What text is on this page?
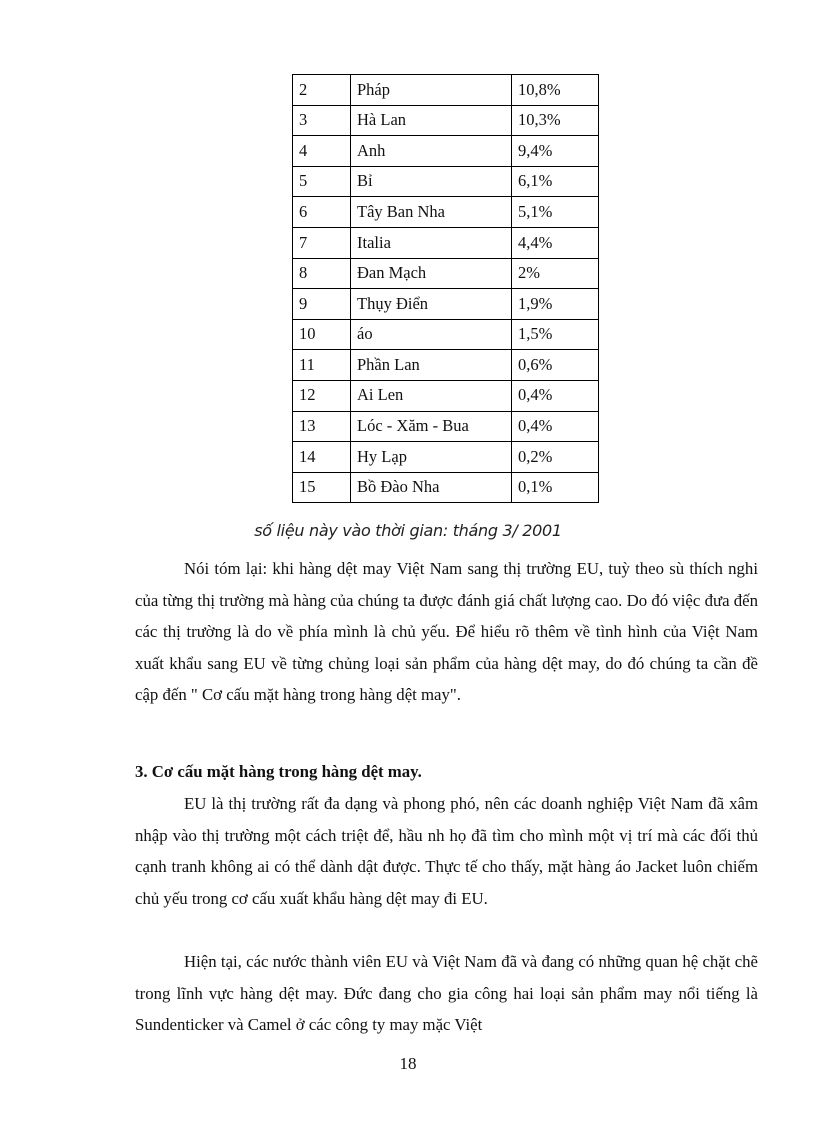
2	Pháp	10,8%
3	Hà Lan	10,3%
4	Anh	9,4%
5	Bỉ	6,1%
6	Tây Ban Nha	5,1%
7	Italia	4,4%
8	Đan Mạch	2%
9	Thụy Điển	1,9%
10	áo	1,5%
11	Phần Lan	0,6%
12	Ai Len	0,4%
13	Lóc - Xăm - Bua	0,4%
14	Hy Lạp	0,2%
15	Bồ Đào Nha	0,1%
số liệu này vào thời gian: tháng 3/ 2001

Nói tóm lại: khi hàng dệt may Việt Nam sang thị trường EU, tuỳ theo sù thích nghi của từng thị trường mà hàng của chúng ta được đánh giá chất lượng cao. Do đó việc đưa đến các thị trường là do về phía mình là chủ yếu. Để hiểu rõ thêm về tình hình của Việt Nam xuất khẩu sang EU về từng chủng loại sản phẩm của hàng dệt may, do đó chúng ta cần đề cập đến " Cơ cấu mặt hàng trong hàng dệt may".

3. Cơ cấu mặt hàng trong hàng dệt may.

EU là thị trường rất đa dạng và phong phó, nên các doanh nghiệp Việt Nam đã xâm nhập vào thị trường một cách triệt để, hầu nh họ đã tìm cho mình một vị trí mà các đối thủ cạnh tranh không ai có thể dành dật được. Thực tế cho thấy, mặt hàng áo Jacket luôn chiếm chủ yếu trong cơ cấu xuất khẩu hàng dệt may đi EU.

Hiện tại, các nước thành viên EU và Việt Nam đã và đang có những quan hệ chặt chẽ trong lĩnh vực hàng dệt may. Đức đang cho gia công hai loại sản phẩm may nổi tiếng là Sundenticker và Camel ở các công ty may mặc Việt

18
